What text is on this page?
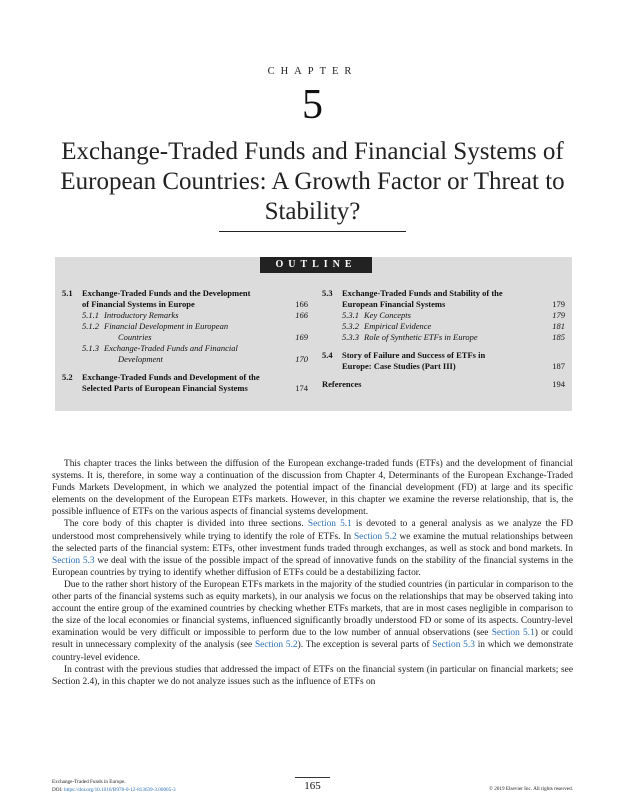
CHAPTER
5
Exchange-Traded Funds and Financial Systems of European Countries: A Growth Factor or Threat to Stability?
OUTLINE
5.1	Exchange-Traded Funds and the Development
of Financial Systems in Europe	166
5.1.1 Introductory Remarks	166
5.1.2 Financial Development in European
Countries	169
5.1.3 Exchange-Traded Funds and Financial
Development	170
5.2	Exchange-Traded Funds and Development of the
Selected Parts of European Financial Systems	174
5.3	Exchange-Traded Funds and Stability of the
European Financial Systems	179
5.3.1 Key Concepts	179
5.3.2 Empirical Evidence	181
5.3.3 Role of Synthetic ETFs in Europe	185
5.4	Story of Failure and Success of ETFs in
Europe: Case Studies (Part III)	187
References	194

This chapter traces the links between the diffusion of the European exchange-traded funds (ETFs) and the development of financial systems. It is, therefore, in some way a continuation of the discussion from Chapter 4, Determinants of the European Exchange-Traded Funds Markets Development, in which we analyzed the potential impact of the financial development (FD) at large and its specific elements on the development of the European ETFs markets. However, in this chapter we examine the reverse relationship, that is, the possible influence of ETFs on the various aspects of financial systems development.

The core body of this chapter is divided into three sections. Section 5.1 is devoted to a general analysis as we analyze the FD understood most comprehensively while trying to identify the role of ETFs. In Section 5.2 we examine the mutual relationships between the selected parts of the financial system: ETFs, other investment funds traded through exchanges, as well as stock and bond markets. In Section 5.3 we deal with the issue of the possible impact of the spread of innovative funds on the stability of the financial systems in the European countries by trying to identify whether diffusion of ETFs could be a destabilizing factor.

Due to the rather short history of the European ETFs markets in the majority of the studied countries (in particular in comparison to the other parts of the financial systems such as equity markets), in our analysis we focus on the relationships that may be observed taking into account the entire group of the examined countries by checking whether ETFs markets, that are in most cases negligible in comparison to the size of the local economies or financial systems, influenced significantly broadly understood FD or some of its aspects. Country-level examination would be very difficult or impossible to perform due to the low number of annual observations (see Section 5.1) or could result in unnecessary complexity of the analysis (see Section 5.2). The exception is several parts of Section 5.3 in which we demonstrate country-level evidence.

In contrast with the previous studies that addressed the impact of ETFs on the financial system (in particular on financial markets; see Section 2.4), in this chapter we do not analyze issues such as the influence of ETFs on

Exchange-Traded Funds in Europe.
DOI: https://doi.org/10.1016/B978-0-12-813639-3.00005-3	165	© 2019 Elsevier Inc. All rights reserved.
